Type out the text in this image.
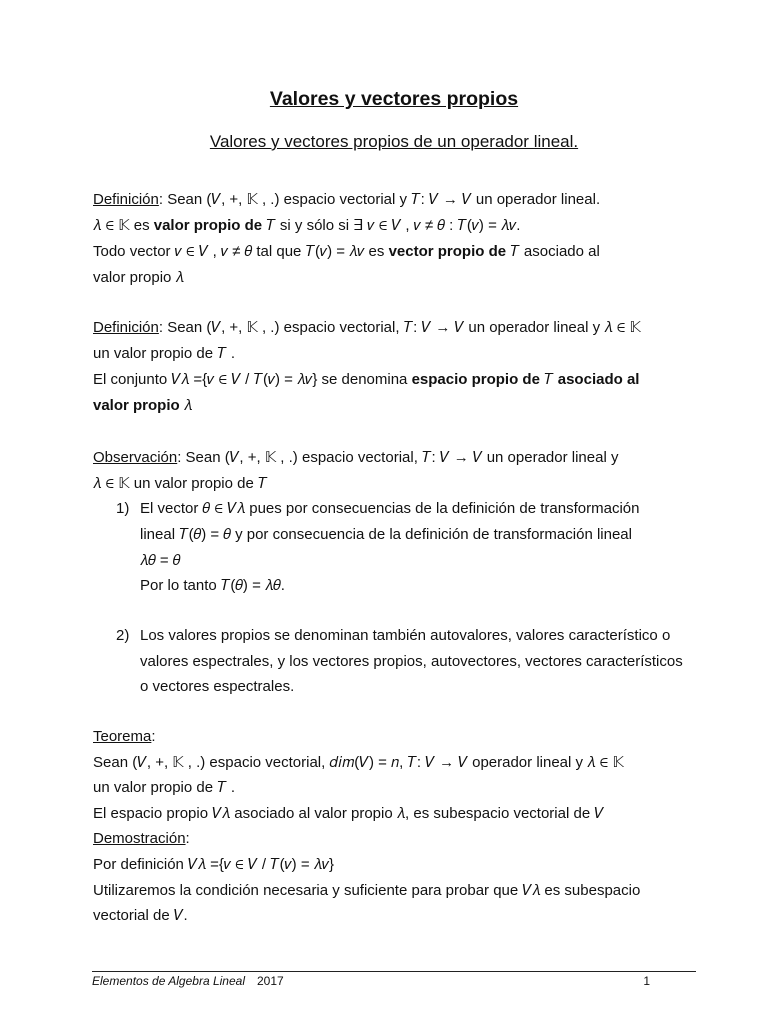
Valores y vectores propios
Valores y vectores propios de un operador lineal.
Definición: Sean (𝑉, +, 𝕂 , .) espacio vectorial y 𝑇: 𝑉 → 𝑉 un operador lineal.
𝜆 ∈ 𝕂 es valor propio de 𝑇 si y sólo si ∃ 𝑣 ∈ 𝑉 , 𝑣 ≠ 𝜃 : 𝑇(𝑣) = 𝜆𝑣.
Todo vector 𝑣 ∈ 𝑉 , 𝑣 ≠ 𝜃 tal que 𝑇(𝑣) = 𝜆𝑣 es vector propio de 𝑇 asociado al
valor propio 𝜆
Definición: Sean (𝑉, +, 𝕂 , .) espacio vectorial, 𝑇: 𝑉 → 𝑉 un operador lineal y 𝜆 ∈ 𝕂
un valor propio de 𝑇 .
El conjunto 𝑉𝜆 ={𝑣 ∈ 𝑉 / 𝑇(𝑣) = 𝜆𝑣} se denomina espacio propio de 𝑇 asociado al
valor propio 𝜆
Observación: Sean (𝑉, +, 𝕂 , .) espacio vectorial, 𝑇: 𝑉 → 𝑉 un operador lineal y
𝜆 ∈ 𝕂 un valor propio de 𝑇
1) El vector 𝜃 ∈ 𝑉𝜆 pues por consecuencias de la definición de transformación
lineal 𝑇(𝜃) = 𝜃 y por consecuencia de la definición de transformación lineal
𝜆𝜃 = 𝜃
Por lo tanto 𝑇(𝜃) = 𝜆𝜃.
2) Los valores propios se denominan también autovalores, valores característico o
valores espectrales, y los vectores propios, autovectores, vectores característicos
o vectores espectrales.
Teorema:
Sean (𝑉, +, 𝕂 , .) espacio vectorial, 𝑑𝑖𝑚(𝑉) = 𝑛, 𝑇: 𝑉 → 𝑉 operador lineal y 𝜆 ∈ 𝕂
un valor propio de 𝑇 .
El espacio propio 𝑉𝜆 asociado al valor propio 𝜆, es subespacio vectorial de 𝑉
Demostración:
Por definición 𝑉𝜆 ={𝑣 ∈ 𝑉 / 𝑇(𝑣) = 𝜆𝑣}
Utilizaremos la condición necesaria y suficiente para probar que 𝑉𝜆 es subespacio
vectorial de 𝑉.
Elementos de Algebra Lineal 2017	1
